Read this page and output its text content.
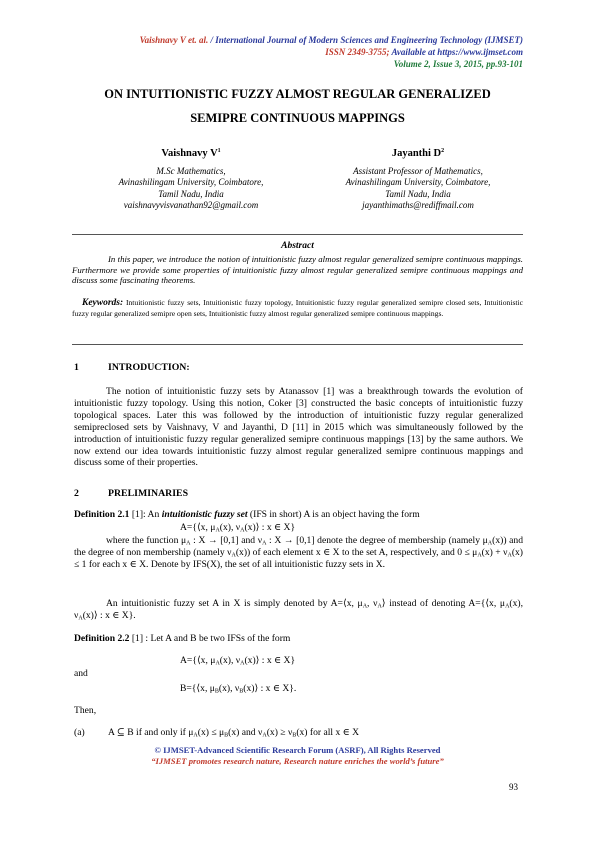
Vaishnavy V et. al. / International Journal of Modern Sciences and Engineering Technology (IJMSET)
ISSN 2349-3755; Available at https://www.ijmset.com
Volume 2, Issue 3, 2015, pp.93-101
ON INTUITIONISTIC FUZZY ALMOST REGULAR GENERALIZED
SEMIPRE CONTINUOUS MAPPINGS
Vaishnavy $V^1$
M.Sc Mathematics,
Avinashilingam University, Coimbatore,
Tamil Nadu, India
vaishnavyvisvanathan92@gmail.com
Jayanthi $D^2$
Assistant Professor of Mathematics,
Avinashilingam University, Coimbatore,
Tamil Nadu, India
jayanthimaths@rediffmail.com
Abstract
In this paper, we introduce the notion of intuitionistic fuzzy almost regular generalized semipre continuous mappings. Furthermore we provide some properties of intuitionistic fuzzy almost regular generalized semipre continuous mappings and discuss some fascinating theorems.
Keywords: Intuitionistic fuzzy sets, Intuitionistic fuzzy topology, Intuitionistic fuzzy regular generalized semipre closed sets, Intuitionistic fuzzy regular generalized semipre open sets, Intuitionistic fuzzy almost regular generalized semipre continuous mappings.
1	INTRODUCTION:
The notion of intuitionistic fuzzy sets by Atanassov [1] was a breakthrough towards the evolution of intuitionistic fuzzy topology. Using this notion, Coker [3] constructed the basic concepts of intuitionistic fuzzy topological spaces. Later this was followed by the introduction of intuitionistic fuzzy regular generalized semipreclosed sets by Vaishnavy, V and Jayanthi, D [11] in 2015 which was simultaneously followed by the introduction of intuitionistic fuzzy regular generalized semipre continuous mappings [13] by the same authors. We now extend our idea towards intuitionistic fuzzy almost regular generalized semipre continuous mappings and discuss some of their properties.
2	PRELIMINARIES
Definition 2.1 [1]: An intuitionistic fuzzy set (IFS in short) A is an object having the form
A={⟨x, $\mu_A(x)$, $\nu_A(x)⟩$ : x ∈ X}
where the function $\mu_A$ : X → [0,1] and $\nu_A$ : X → [0,1] denote the degree of membership (namely $\mu_A(x)$) and the degree of non membership (namely $\nu_A(x)$) of each element x ∈ X to the set A, respectively, and $0 \le \mu_A(x) + \nu_A(x) \le 1$ for each x ∈ X. Denote by IFS(X), the set of all intuitionistic fuzzy sets in X.
An intuitionistic fuzzy set A in X is simply denoted by A=⟨x, $\mu_A$, $\nu_A⟩$ instead of denoting A={⟨x, $\mu_A(x)$, $\nu_A(x)⟩$ : x ∈ X}.
Definition 2.2 [1] : Let A and B be two IFSs of the form
A={⟨x, $\mu_A(x)$, $\nu_A(x)⟩$ : x ∈ X}
and
B={⟨x, $\mu_B(x)$, $\nu_B(x)⟩$ : x ∈ X}.
Then,
(a) A ⊆ B if and only if $\mu_A(x) \le \mu_B(x)$ and $\nu_A(x) \ge \nu_B(x)$ for all x ∈ X
© IJMSET-Advanced Scientific Research Forum (ASRF), All Rights Reserved
“IJMSET promotes research nature, Research nature enriches the world’s future”
93
